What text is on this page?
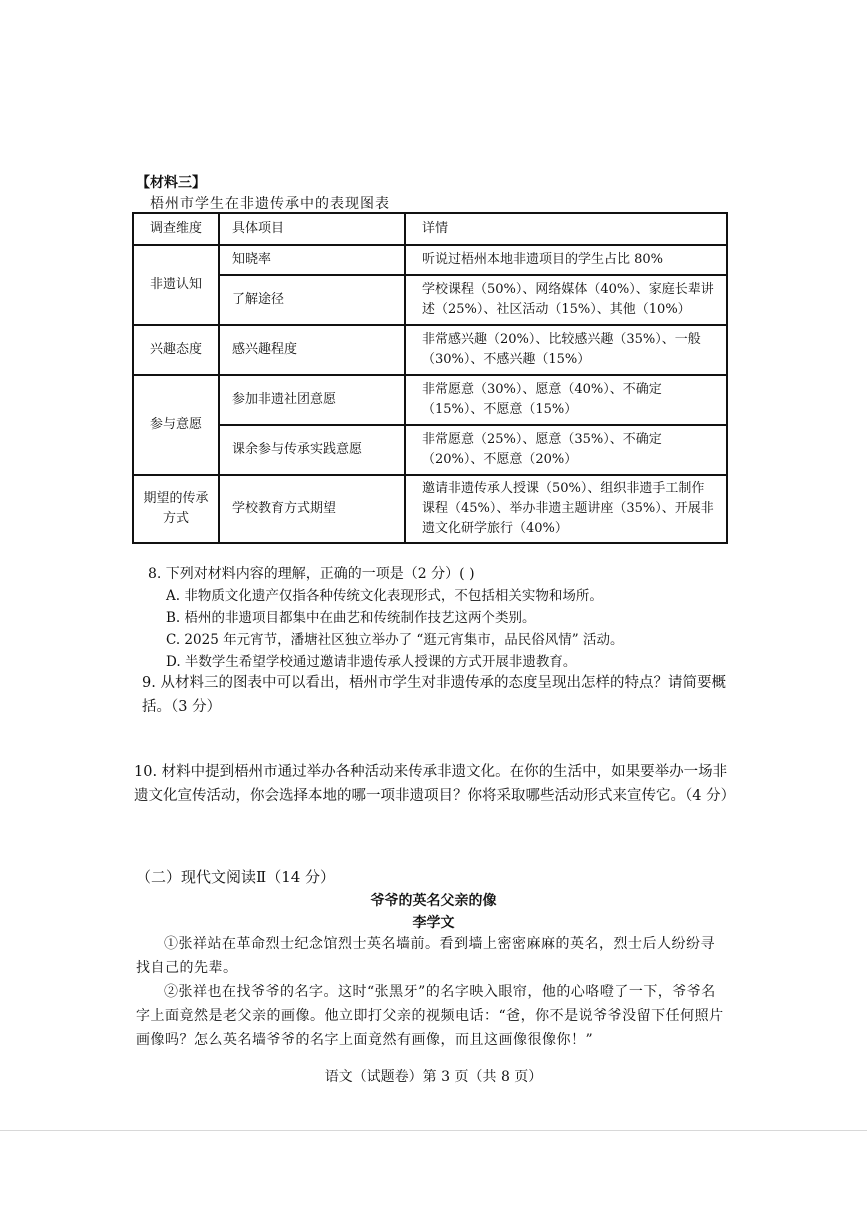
【材料三】
梧州市学生在非遗传承中的表现图表
调查维度	具体项目	详情
非遗认知	知晓率	听说过梧州本地非遗项目的学生占比 80%
	了解途径	学校课程（50%）、网络媒体（40%）、家庭长辈讲述（25%）、社区活动（15%）、其他（10%）
兴趣态度	感兴趣程度	非常感兴趣（20%）、比较感兴趣（35%）、一般（30%）、不感兴趣（15%）
参与意愿	参加非遗社团意愿	非常愿意（30%）、愿意（40%）、不确定（15%）、不愿意（15%）
	课余参与传承实践意愿	非常愿意（25%）、愿意（35%）、不确定（20%）、不愿意（20%）
期望的传承方式	学校教育方式期望	邀请非遗传承人授课（50%）、组织非遗手工制作课程（45%）、举办非遗主题讲座（35%）、开展非遗文化研学旅行（40%）
8. 下列对材料内容的理解，正确的一项是（2 分）( )
A. 非物质文化遗产仅指各种传统文化表现形式，不包括相关实物和场所。
B. 梧州的非遗项目都集中在曲艺和传统制作技艺这两个类别。
C. 2025 年元宵节，潘塘社区独立举办了 “逛元宵集市，品民俗风情” 活动。
D. 半数学生希望学校通过邀请非遗传承人授课的方式开展非遗教育。
9. 从材料三的图表中可以看出，梧州市学生对非遗传承的态度呈现出怎样的特点？请简要概括。（3 分）
10. 材料中提到梧州市通过举办各种活动来传承非遗文化。在你的生活中，如果要举办一场非遗文化宣传活动，你会选择本地的哪一项非遗项目？你将采取哪些活动形式来宣传它。（4 分）
（二）现代文阅读Ⅱ（14 分）
爷爷的英名父亲的像
李学文
①张祥站在革命烈士纪念馆烈士英名墙前。看到墙上密密麻麻的英名，烈士后人纷纷寻找自己的先辈。
②张祥也在找爷爷的名字。这时“张黑牙”的名字映入眼帘，他的心咯噔了一下，爷爷名字上面竟然是老父亲的画像。他立即打父亲的视频电话：“爸，你不是说爷爷没留下任何照片画像吗？怎么英名墙爷爷的名字上面竟然有画像，而且这画像很像你！”
语文（试题卷）第 3 页（共 8 页）
